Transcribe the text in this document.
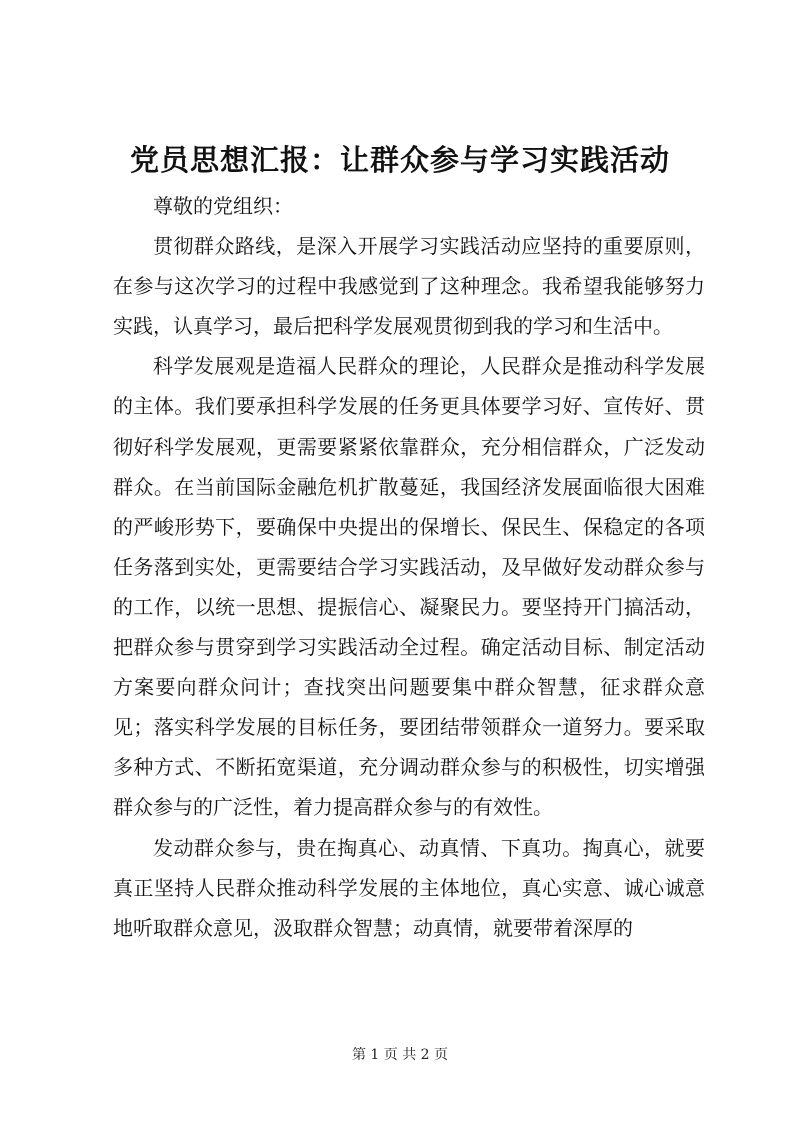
党员思想汇报：让群众参与学习实践活动

尊敬的党组织：

贯彻群众路线，是深入开展学习实践活动应坚持的重要原则，在参与这次学习的过程中我感觉到了这种理念。我希望我能够努力实践，认真学习，最后把科学发展观贯彻到我的学习和生活中。

科学发展观是造福人民群众的理论，人民群众是推动科学发展的主体。我们要承担科学发展的任务更具体要学习好、宣传好、贯彻好科学发展观，更需要紧紧依靠群众，充分相信群众，广泛发动群众。在当前国际金融危机扩散蔓延，我国经济发展面临很大困难的严峻形势下，要确保中央提出的保增长、保民生、保稳定的各项任务落到实处，更需要结合学习实践活动，及早做好发动群众参与的工作，以统一思想、提振信心、凝聚民力。要坚持开门搞活动，把群众参与贯穿到学习实践活动全过程。确定活动目标、制定活动方案要向群众问计；查找突出问题要集中群众智慧，征求群众意见；落实科学发展的目标任务，要团结带领群众一道努力。要采取多种方式、不断拓宽渠道，充分调动群众参与的积极性，切实增强群众参与的广泛性，着力提高群众参与的有效性。

发动群众参与，贵在掏真心、动真情、下真功。掏真心，就要真正坚持人民群众推动科学发展的主体地位，真心实意、诚心诚意地听取群众意见，汲取群众智慧；动真情，就要带着深厚的

第 1 页 共 2 页
